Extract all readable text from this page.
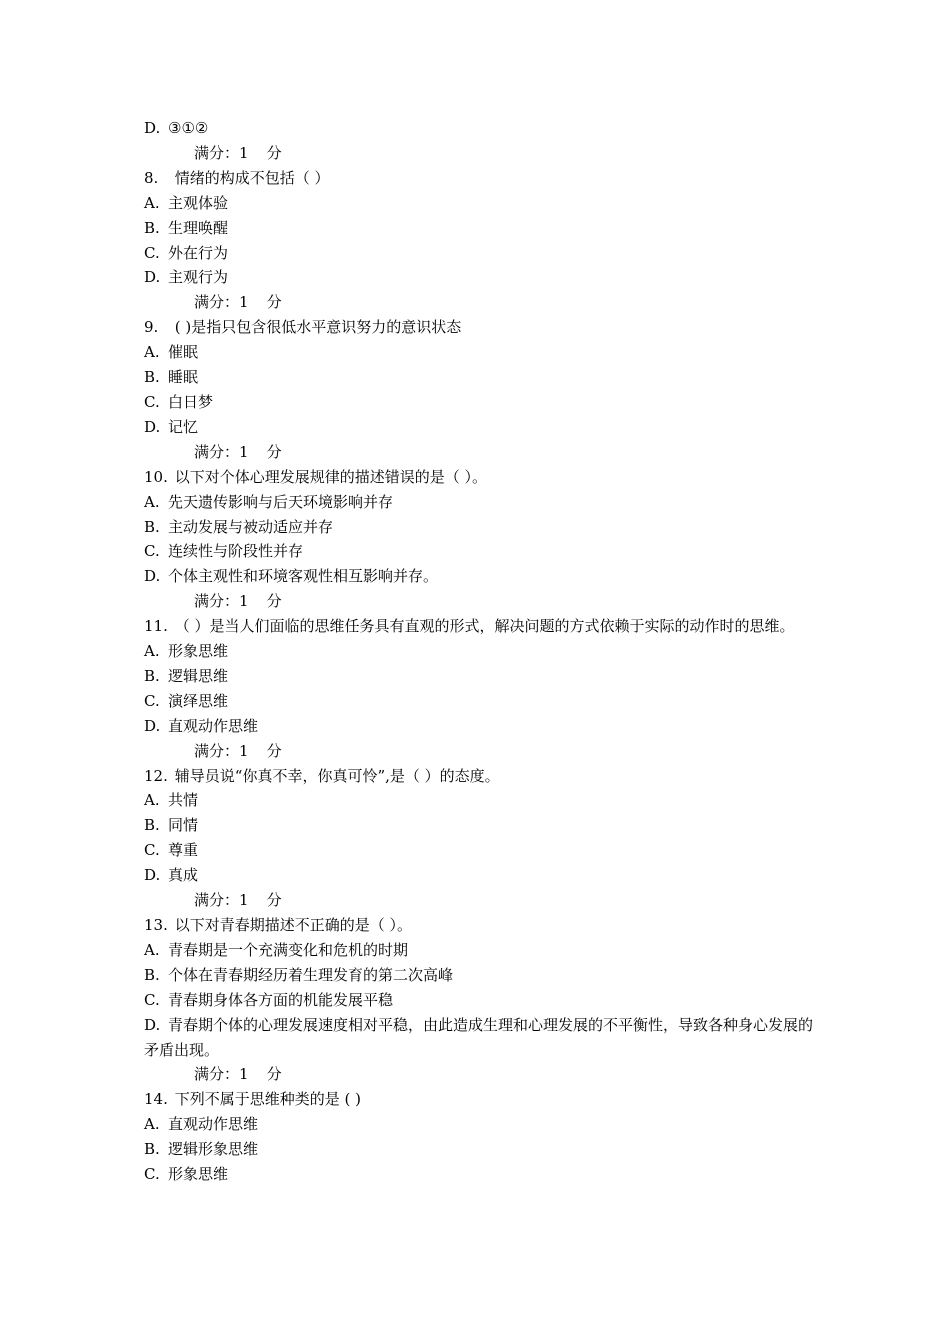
D. ③①②
满分：1 分
8. 情绪的构成不包括（ ）
A. 主观体验
B. 生理唤醒
C. 外在行为
D. 主观行为
满分：1 分
9. ( )是指只包含很低水平意识努力的意识状态
A. 催眠
B. 睡眠
C. 白日梦
D. 记忆
满分：1 分
10. 以下对个体心理发展规律的描述错误的是（ ）。
A. 先天遗传影响与后天环境影响并存
B. 主动发展与被动适应并存
C. 连续性与阶段性并存
D. 个体主观性和环境客观性相互影响并存。
满分：1 分
11. （ ）是当人们面临的思维任务具有直观的形式，解决问题的方式依赖于实际的动作时的思维。
A. 形象思维
B. 逻辑思维
C. 演绎思维
D. 直观动作思维
满分：1 分
12. 辅导员说“你真不幸，你真可怜”,是（ ）的态度。
A. 共情
B. 同情
C. 尊重
D. 真成
满分：1 分
13. 以下对青春期描述不正确的是（ ）。
A. 青春期是一个充满变化和危机的时期
B. 个体在青春期经历着生理发育的第二次高峰
C. 青春期身体各方面的机能发展平稳
D. 青春期个体的心理发展速度相对平稳，由此造成生理和心理发展的不平衡性，导致各种身心发展的矛盾出现。
满分：1 分
14. 下列不属于思维种类的是 ( )
A. 直观动作思维
B. 逻辑形象思维
C. 形象思维
